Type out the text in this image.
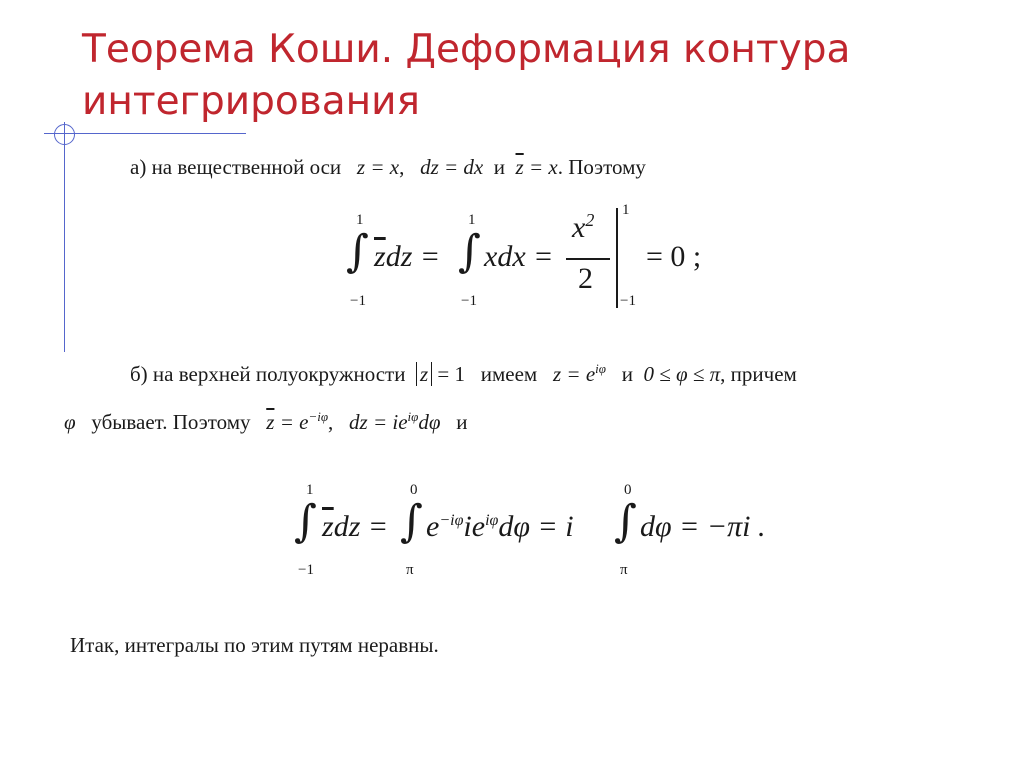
Теорема Коши. Деформация контура интегрирования
а) на вещественной оси z = x, dz = dx и $\overline{z} = x$. Поэтому
1
∫
−1
$\overline{z}dz$ =
1
∫
−1
xdx =
$x^2$
2
1
−1
= 0 ;
б) на верхней полуокружности z = 1 имеем $z = e^{i\varphi}$ и 0 ≤ φ ≤ π, причем
φ убывает. Поэтому $\overline{z} = e^{-i\varphi}$, dz = $ie^{i\varphi}d\varphi$ и
1
∫
−1
$\overline{z}dz$ =
0
∫
π
$e^{-i\varphi}ie^{i\varphi}d\varphi = i$
0
∫
π
dφ = −πi .
Итак, интегралы по этим путям неравны.
